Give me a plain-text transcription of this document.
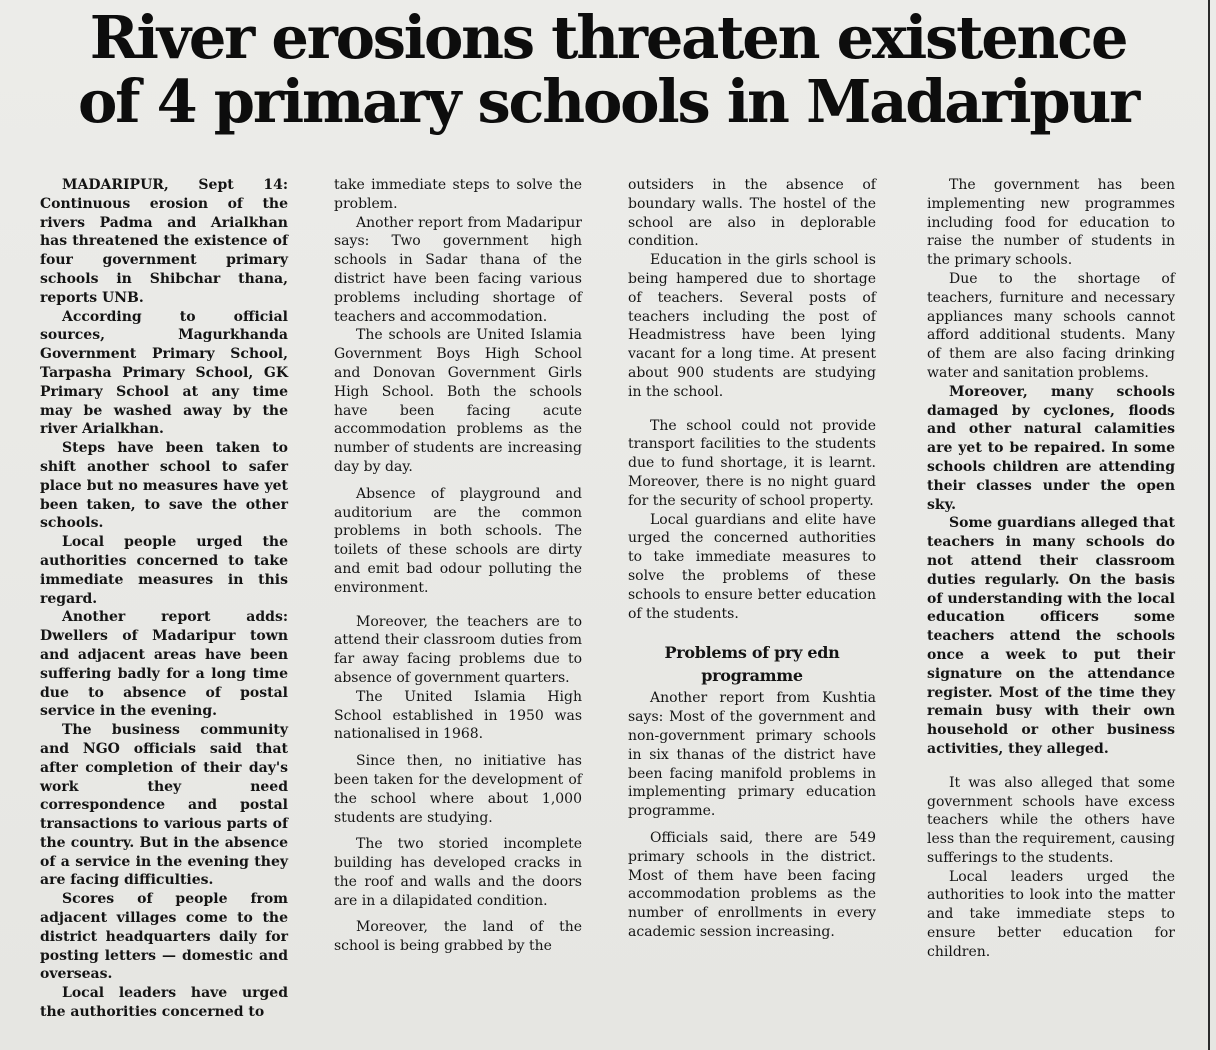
River erosions threaten existence
of 4 primary schools in Madaripur

MADARIPUR, Sept 14: Continuous erosion of the rivers Padma and Arialkhan has threatened the existence of four government primary schools in Shibchar thana, reports UNB.

According to official sources, Magurkhanda Government Primary School, Tarpasha Primary School, GK Primary School at any time may be washed away by the river Arialkhan.

Steps have been taken to shift another school to safer place but no measures have yet been taken, to save the other schools.

Local people urged the authorities concerned to take immediate measures in this regard.

Another report adds: Dwellers of Madaripur town and adjacent areas have been suffering badly for a long time due to absence of postal service in the evening.

The business community and NGO officials said that after completion of their day's work they need correspondence and postal transactions to various parts of the country. But in the absence of a service in the evening they are facing difficulties.

Scores of people from adjacent villages come to the district headquarters daily for posting letters — domestic and overseas.

Local leaders have urged the authorities concerned to

take immediate steps to solve the problem.

Another report from Madaripur says: Two government high schools in Sadar thana of the district have been facing various problems including shortage of teachers and accommodation.

The schools are United Islamia Government Boys High School and Donovan Government Girls High School. Both the schools have been facing acute accommodation problems as the number of students are increasing day by day.

Absence of playground and auditorium are the common problems in both schools. The toilets of these schools are dirty and emit bad odour polluting the environment.

Moreover, the teachers are to attend their classroom duties from far away facing problems due to absence of government quarters.

The United Islamia High School established in 1950 was nationalised in 1968.

Since then, no initiative has been taken for the development of the school where about 1,000 students are studying.

The two storied incomplete building has developed cracks in the roof and walls and the doors are in a dilapidated condition.

Moreover, the land of the school is being grabbed by the

outsiders in the absence of boundary walls. The hostel of the school are also in deplorable condition.

Education in the girls school is being hampered due to shortage of teachers. Several posts of teachers including the post of Headmistress have been lying vacant for a long time. At present about 900 students are studying in the school.

The school could not provide transport facilities to the students due to fund shortage, it is learnt. Moreover, there is no night guard for the security of school property.

Local guardians and elite have urged the concerned authorities to take immediate measures to solve the problems of these schools to ensure better education of the students.

Problems of pry edn programme

Another report from Kushtia says: Most of the government and non-government primary schools in six thanas of the district have been facing manifold problems in implementing primary education programme.

Officials said, there are 549 primary schools in the district. Most of them have been facing accommodation problems as the number of enrollments in every academic session increasing.

The government has been implementing new programmes including food for education to raise the number of students in the primary schools.

Due to the shortage of teachers, furniture and necessary appliances many schools cannot afford additional students. Many of them are also facing drinking water and sanitation problems.

Moreover, many schools damaged by cyclones, floods and other natural calamities are yet to be repaired. In some schools children are attending their classes under the open sky.

Some guardians alleged that teachers in many schools do not attend their classroom duties regularly. On the basis of understanding with the local education officers some teachers attend the schools once a week to put their signature on the attendance register. Most of the time they remain busy with their own household or other business activities, they alleged.

It was also alleged that some government schools have excess teachers while the others have less than the requirement, causing sufferings to the students.

Local leaders urged the authorities to look into the matter and take immediate steps to ensure better education for children.
